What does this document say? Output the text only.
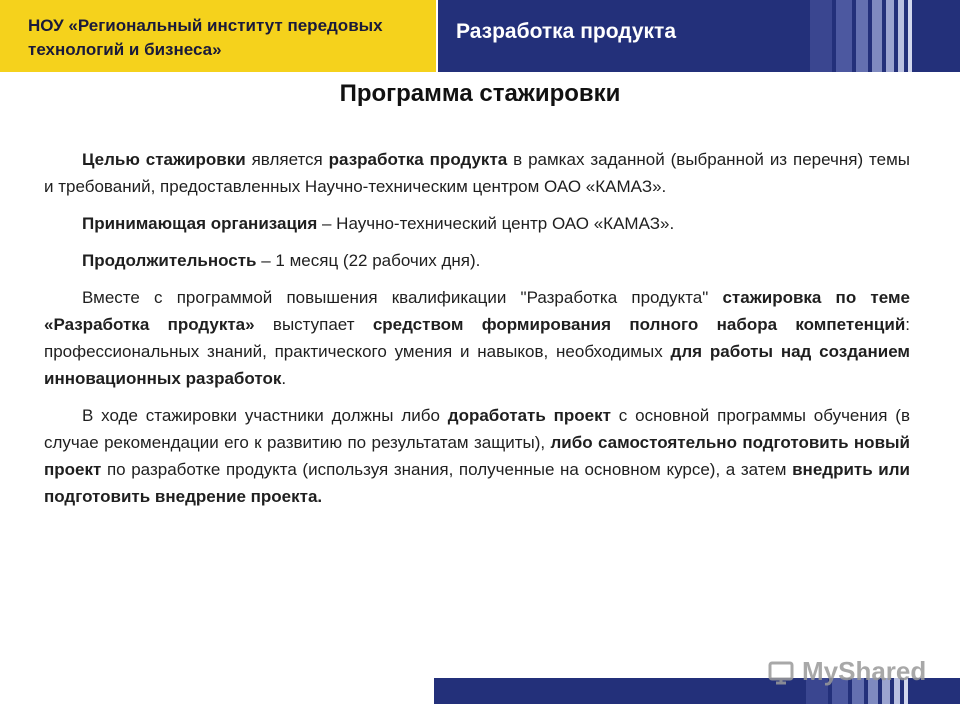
НОУ «Региональный институт передовых технологий и бизнеса»
Разработка продукта
Программа стажировки

Целью стажировки является разработка продукта в рамках заданной (выбранной из перечня) темы и требований, предоставленных Научно-техническим центром ОАО «КАМАЗ».

Принимающая организация – Научно-технический центр ОАО «КАМАЗ».

Продолжительность – 1 месяц (22 рабочих дня).

Вместе с программой повышения квалификации "Разработка продукта" стажировка по теме «Разработка продукта» выступает средством формирования полного набора компетенций: профессиональных знаний, практического умения и навыков, необходимых для работы над созданием инновационных разработок.

В ходе стажировки участники должны либо доработать проект с основной программы обучения (в случае рекомендации его к развитию по результатам защиты), либо самостоятельно подготовить новый проект по разработке продукта (используя знания, полученные на основном курсе), а затем внедрить или подготовить внедрение проекта.

MyShared
